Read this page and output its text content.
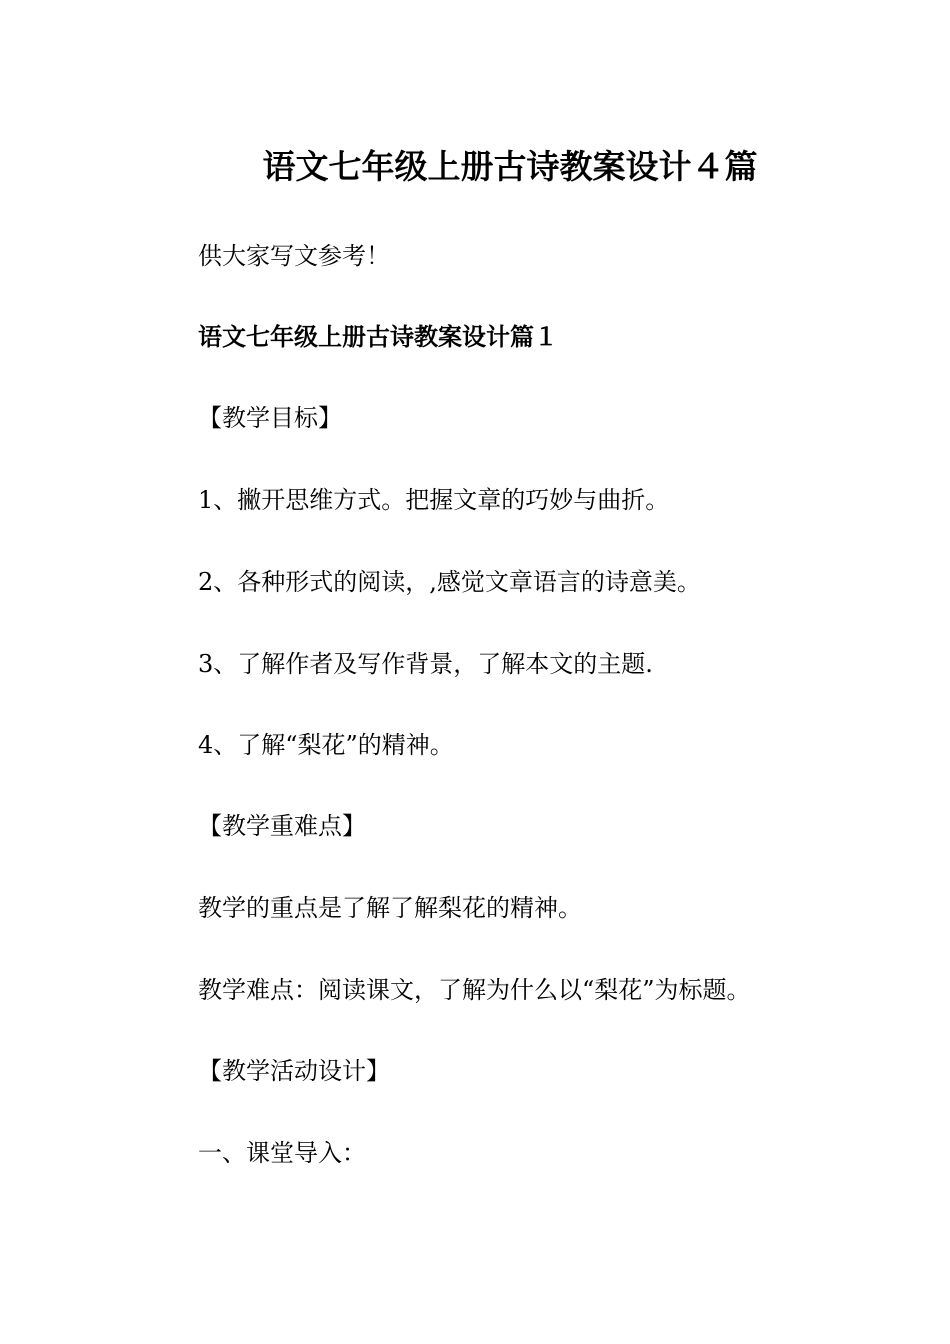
语文七年级上册古诗教案设计４篇

供大家写文参考！

语文七年级上册古诗教案设计篇１

【教学目标】

1、撇开思维方式。把握文章的巧妙与曲折。

2、各种形式的阅读，,感觉文章语言的诗意美。

3、了解作者及写作背景，了解本文的主题.

4、了解“梨花”的精神。

【教学重难点】

教学的重点是了解了解梨花的精神。

教学难点：阅读课文，了解为什么以“梨花”为标题。

【教学活动设计】

一、课堂导入：
